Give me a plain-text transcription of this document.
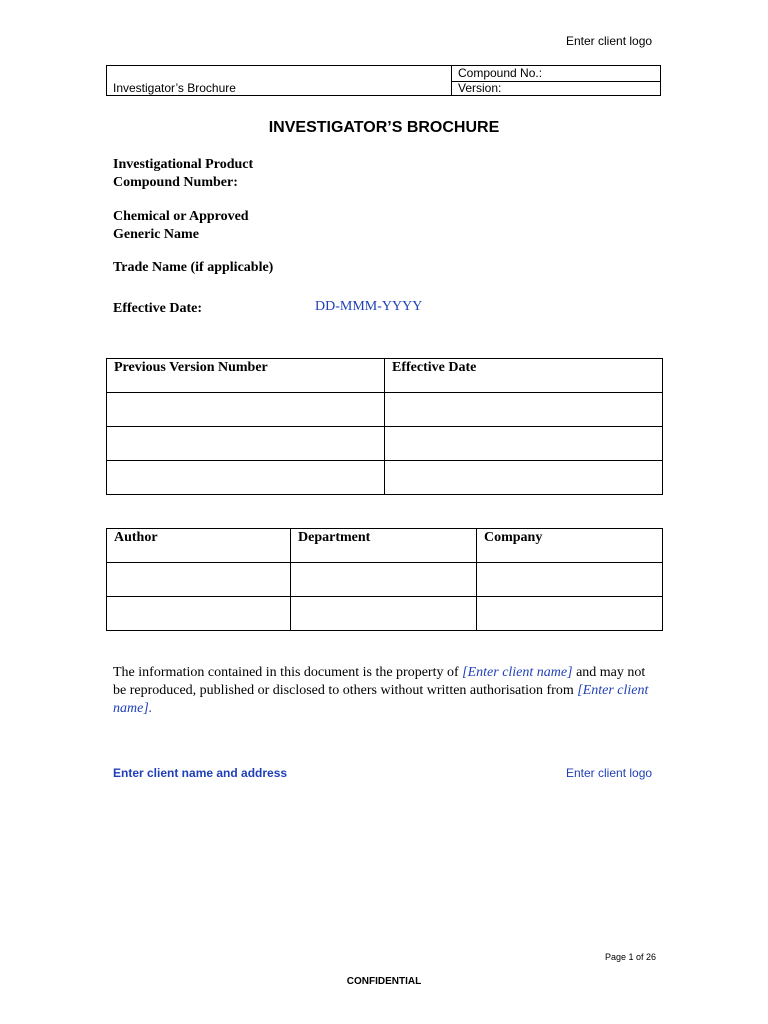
Enter client logo
Investigator’s Brochure
Compound No.:
Version:
INVESTIGATOR’S BROCHURE
Investigational Product
Compound Number:
Chemical or Approved
Generic Name
Trade Name (if applicable)
Effective Date:	DD-MMM-YYYY
Previous Version Number	Effective Date

Author	Department	Company

The information contained in this document is the property of [Enter client name] and may not be reproduced, published or disclosed to others without written authorisation from [Enter client name].
Enter client name and address	Enter client logo
Page 1 of 26
CONFIDENTIAL
